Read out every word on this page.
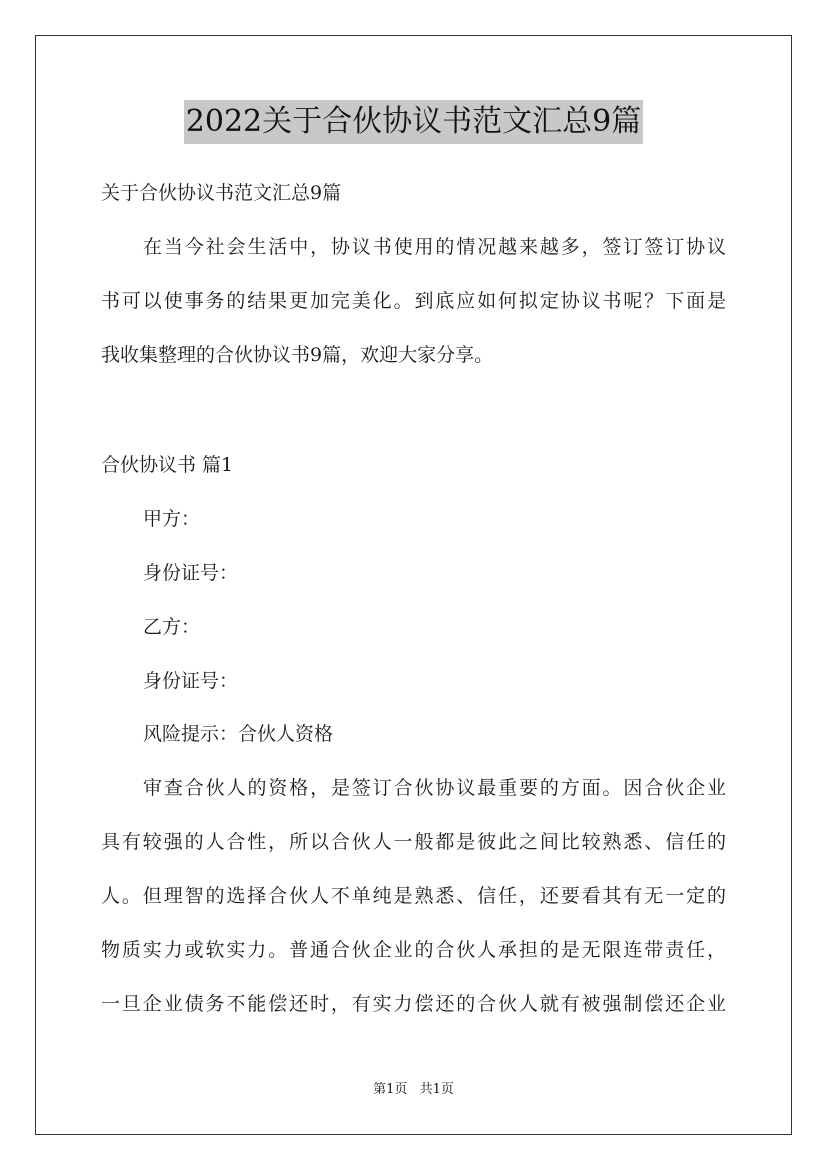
2022关于合伙协议书范文汇总9篇
关于合伙协议书范文汇总9篇
在当今社会生活中，协议书使用的情况越来越多，签订签订协议
书可以使事务的结果更加完美化。到底应如何拟定协议书呢？下面是
我收集整理的合伙协议书9篇，欢迎大家分享。
合伙协议书 篇1
甲方：
身份证号：
乙方：
身份证号：
风险提示：合伙人资格
审查合伙人的资格，是签订合伙协议最重要的方面。因合伙企业
具有较强的人合性，所以合伙人一般都是彼此之间比较熟悉、信任的
人。但理智的选择合伙人不单纯是熟悉、信任，还要看其有无一定的
物质实力或软实力。普通合伙企业的合伙人承担的是无限连带责任，
一旦企业债务不能偿还时，有实力偿还的合伙人就有被强制偿还企业
第1页 共1页
